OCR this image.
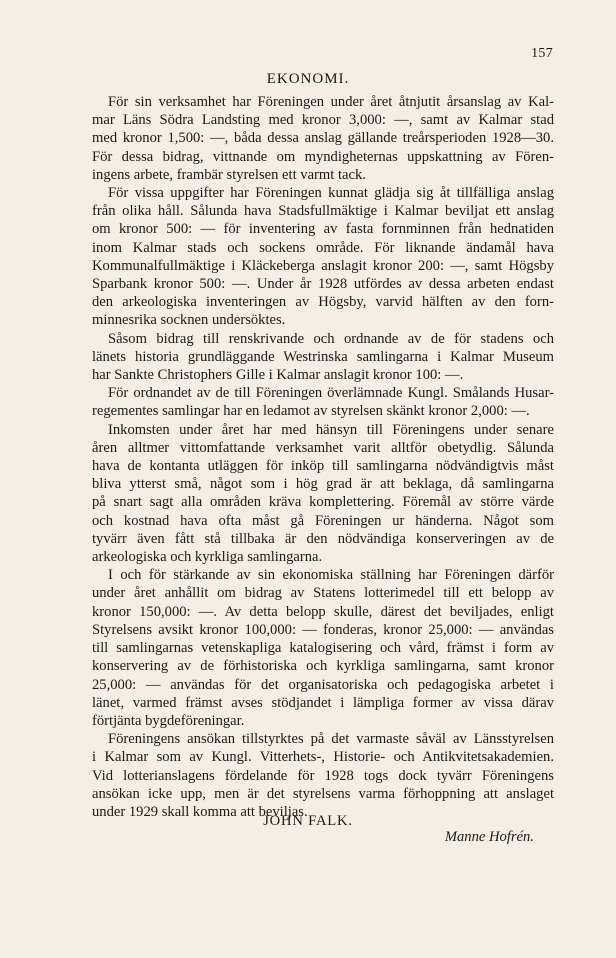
157
EKONOMI.

För sin verksamhet har Föreningen under året åtnjutit årsanslag av Kal-
mar Läns Södra Landsting med kronor 3,000: —, samt av Kalmar stad
med kronor 1,500: —, båda dessa anslag gällande treårsperioden 1928—30.
För dessa bidrag, vittnande om myndigheternas uppskattning av Fören-
ingens arbete, frambär styrelsen ett varmt tack.

För vissa uppgifter har Föreningen kunnat glädja sig åt tillfälliga anslag
från olika håll. Sålunda hava Stadsfullmäktige i Kalmar beviljat ett anslag
om kronor 500: — för inventering av fasta fornminnen från hednatiden
inom Kalmar stads och sockens område. För liknande ändamål hava
Kommunalfullmäktige i Kläckeberga anslagit kronor 200: —, samt Högsby
Sparbank kronor 500: —. Under år 1928 utfördes av dessa arbeten endast
den arkeologiska inventeringen av Högsby, varvid hälften av den forn-
minnesrika socknen undersöktes.

Såsom bidrag till renskrivande och ordnande av de för stadens och
länets historia grundläggande Westrinska samlingarna i Kalmar Museum
har Sankte Christophers Gille i Kalmar anslagit kronor 100: —.

För ordnandet av de till Föreningen överlämnade Kungl. Smålands Husar-
regementes samlingar har en ledamot av styrelsen skänkt kronor 2,000: —.

Inkomsten under året har med hänsyn till Föreningens under senare
åren alltmer vittomfattande verksamhet varit alltför obetydlig. Sålunda
hava de kontanta utläggen för inköp till samlingarna nödvändigtvis måst
bliva ytterst små, något som i hög grad är att beklaga, då samlingarna
på snart sagt alla områden kräva komplettering. Föremål av större värde
och kostnad hava ofta måst gå Föreningen ur händerna. Något som
tyvärr även fått stå tillbaka är den nödvändiga konserveringen av de
arkeologiska och kyrkliga samlingarna.

I och för stärkande av sin ekonomiska ställning har Föreningen därför
under året anhållit om bidrag av Statens lotterimedel till ett belopp av
kronor 150,000: —. Av detta belopp skulle, därest det beviljades, enligt
Styrelsens avsikt kronor 100,000: — fonderas, kronor 25,000: — användas
till samlingarnas vetenskapliga katalogisering och vård, främst i form av
konservering av de förhistoriska och kyrkliga samlingarna, samt kronor
25,000: — användas för det organisatoriska och pedagogiska arbetet i
länet, varmed främst avses stödjandet i lämpliga former av vissa därav
förtjänta bygdeföreningar.

Föreningens ansökan tillstyrktes på det varmaste såväl av Länsstyrelsen
i Kalmar som av Kungl. Vitterhets-, Historie- och Antikvitetsakademien.
Vid lotterianslagens fördelande för 1928 togs dock tyvärr Föreningens
ansökan icke upp, men är det styrelsens varma förhoppning att anslaget
under 1929 skall komma att beviljas.

JOHN FALK.
Manne Hofrén.
